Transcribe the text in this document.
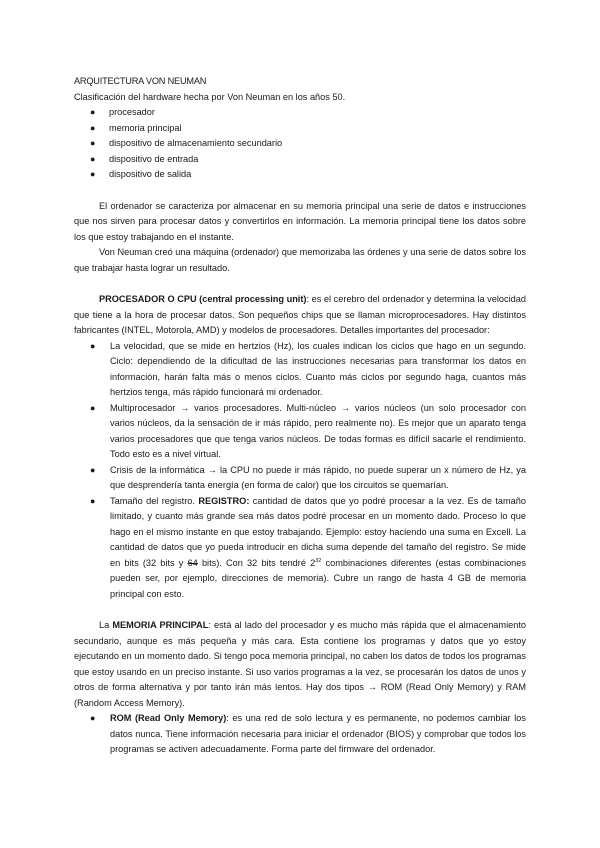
ARQUITECTURA VON NEUMAN
Clasificación del hardware hecha por Von Neuman en los años 50.
● procesador
● memoria principal
● dispositivo de almacenamiento secundario
● dispositivo de entrada
● dispositivo de salida

El ordenador se caracteriza por almacenar en su memoria principal una serie de datos e instrucciones que nos sirven para procesar datos y convertirlos en información. La memoria principal tiene los datos sobre los que estoy trabajando en el instante.

Von Neuman creó una máquina (ordenador) que memorizaba las órdenes y una serie de datos sobre los que trabajar hasta lograr un resultado.

PROCESADOR O CPU (central processing unit): es el cerebro del ordenador y determina la velocidad que tiene a la hora de procesar datos. Son pequeños chips que se llaman microprocesadores. Hay distintos fabricantes (INTEL, Motorola, AMD) y modelos de procesadores. Detalles importantes del procesador:

● La velocidad, que se mide en hertzios (Hz), los cuales indican los ciclos que hago en un segundo. Ciclo: dependiendo de la dificultad de las instrucciones necesarias para transformar los datos en información, harán falta más o menos ciclos. Cuanto más ciclos por segundo haga, cuantos más hertzios tenga, más rápido funcionará mi ordenador.
● Multiprocesador → varios procesadores. Multi-núcleo → varios núcleos (un solo procesador con varios núcleos, da la sensación de ir más rápido, pero realmente no). Es mejor que un aparato tenga varios procesadores que que tenga varios núcleos. De todas formas es difícil sacarle el rendimiento. Todo esto es a nivel virtual.
● Crisis de la informática → la CPU no puede ir más rápido, no puede superar un x número de Hz, ya que desprendería tanta energía (en forma de calor) que los circuitos se quemarían.
● Tamaño del registro. REGISTRO: cantidad de datos que yo podré procesar a la vez. Es de tamaño limitado, y cuanto más grande sea más datos podré procesar en un momento dado. Proceso lo que hago en el mismo instante en que estoy trabajando. Ejemplo: estoy haciendo una suma en Excell. La cantidad de datos que yo pueda introducir en dicha suma depende del tamaño del registro. Se mide en bits (32 bits y 64 bits). Con 32 bits tendré $2^{32}$ combinaciones diferentes (estas combinaciones pueden ser, por ejemplo, direcciones de memoria). Cubre un rango de hasta 4 GB de memoria principal con esto.

La MEMORIA PRINCIPAL: está al lado del procesador y es mucho más rápida que el almacenamiento secundario, aunque es más pequeña y más cara. Esta contiene los programas y datos que yo estoy ejecutando en un momento dado. Si tengo poca memoria principal, no caben los datos de todos los programas que estoy usando en un preciso instante. Si uso varios programas a la vez, se procesarán los datos de unos y otros de forma alternativa y por tanto irán más lentos. Hay dos tipos → ROM (Read Only Memory) y RAM (Random Access Memory).

● ROM (Read Only Memory): es una red de solo lectura y es permanente, no podemos cambiar los datos nunca. Tiene información necesaria para iniciar el ordenador (BIOS) y comprobar que todos los programas se activen adecuadamente. Forma parte del firmware del ordenador.
